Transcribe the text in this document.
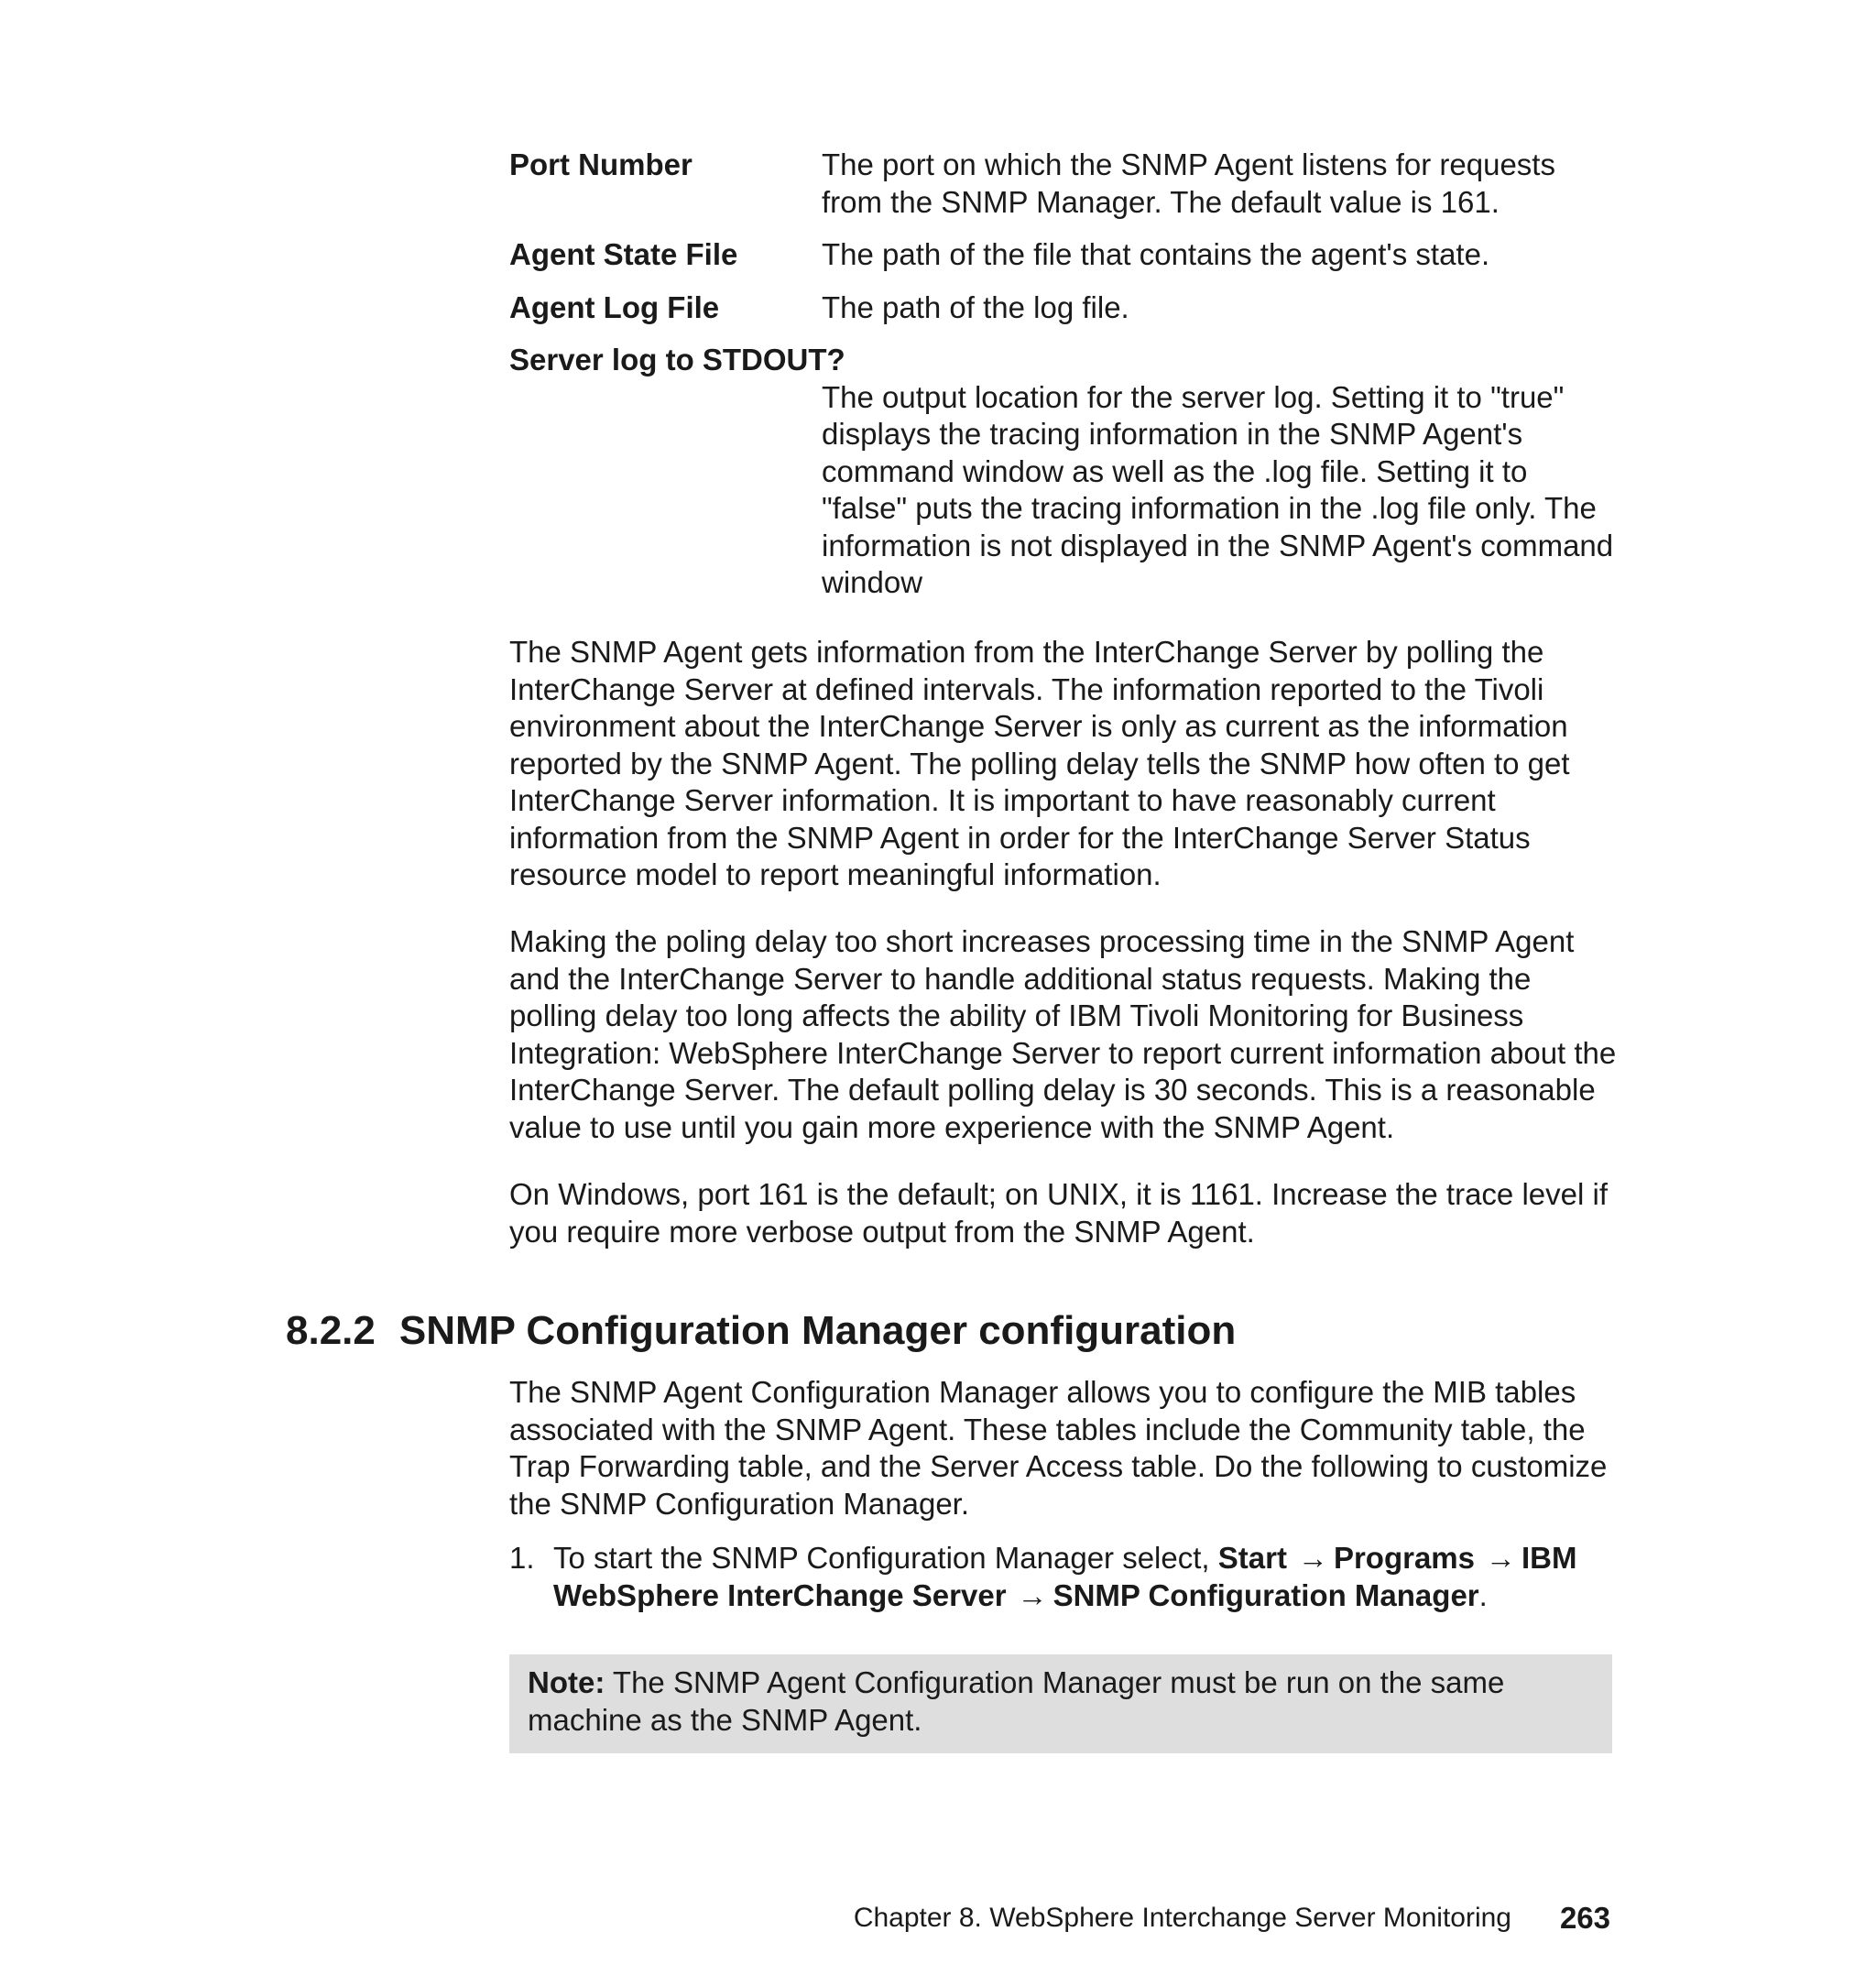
Port Number	The port on which the SNMP Agent listens for requests from the SNMP Manager. The default value is 161.
Agent State File	The path of the file that contains the agent's state.
Agent Log File	The path of the log file.
Server log to STDOUT?
The output location for the server log. Setting it to "true" displays the tracing information in the SNMP Agent's command window as well as the .log file. Setting it to "false" puts the tracing information in the .log file only. The information is not displayed in the SNMP Agent's command window

The SNMP Agent gets information from the InterChange Server by polling the InterChange Server at defined intervals. The information reported to the Tivoli environment about the InterChange Server is only as current as the information reported by the SNMP Agent. The polling delay tells the SNMP how often to get InterChange Server information. It is important to have reasonably current information from the SNMP Agent in order for the InterChange Server Status resource model to report meaningful information.

Making the poling delay too short increases processing time in the SNMP Agent and the InterChange Server to handle additional status requests. Making the polling delay too long affects the ability of IBM Tivoli Monitoring for Business Integration: WebSphere InterChange Server to report current information about the InterChange Server. The default polling delay is 30 seconds. This is a reasonable value to use until you gain more experience with the SNMP Agent.

On Windows, port 161 is the default; on UNIX, it is 1161. Increase the trace level if you require more verbose output from the SNMP Agent.

8.2.2 SNMP Configuration Manager configuration

The SNMP Agent Configuration Manager allows you to configure the MIB tables associated with the SNMP Agent. These tables include the Community table, the Trap Forwarding table, and the Server Access table. Do the following to customize the SNMP Configuration Manager.

1. To start the SNMP Configuration Manager select, Start → Programs → IBM WebSphere InterChange Server → SNMP Configuration Manager.
Note: The SNMP Agent Configuration Manager must be run on the same machine as the SNMP Agent.
Chapter 8. WebSphere Interchange Server Monitoring 263
